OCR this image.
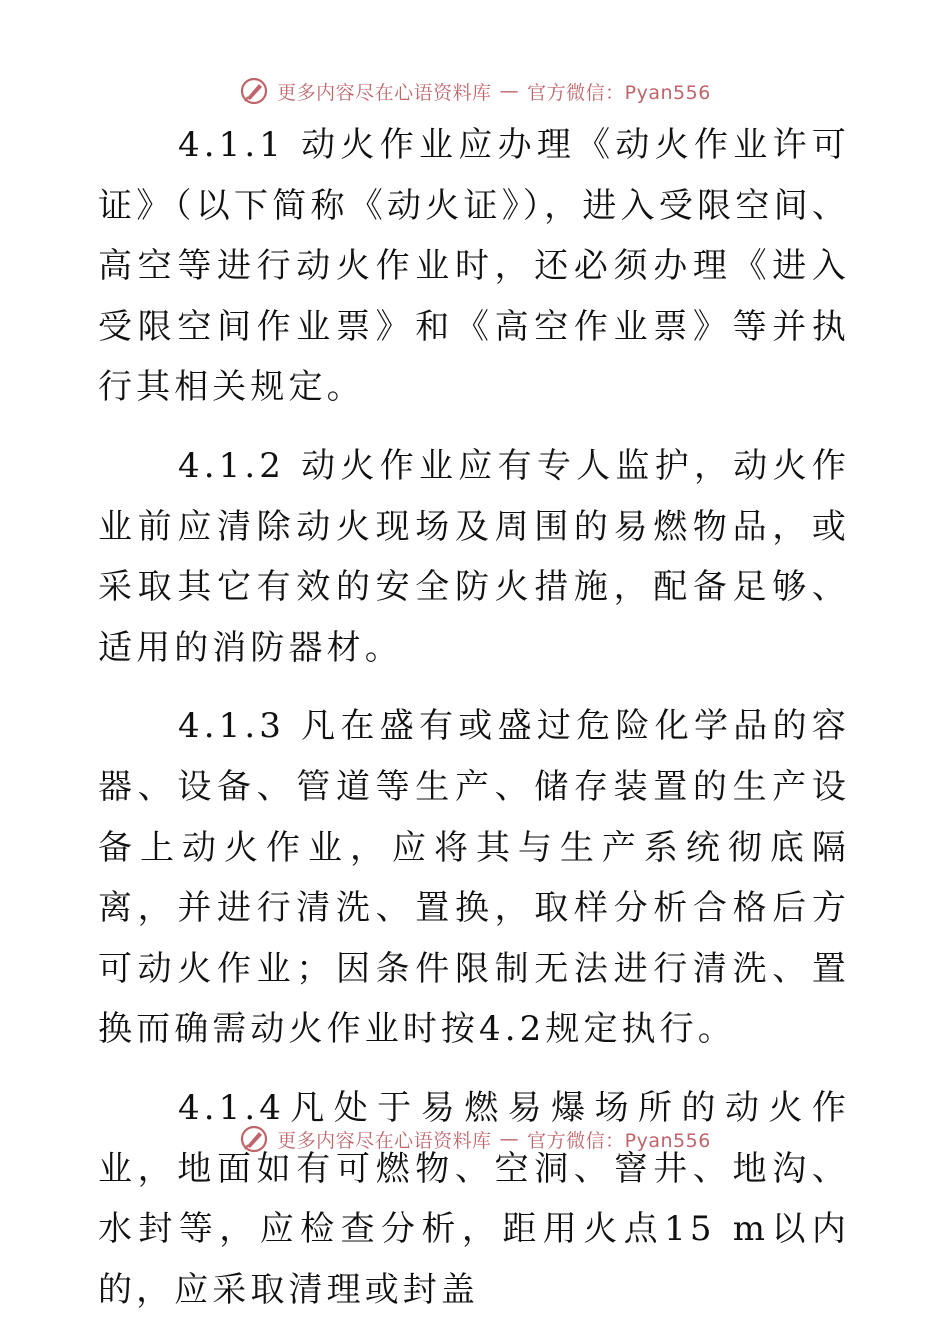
更多内容尽在心语资料库 — 官方微信：Pyan556

4.1.1 动火作业应办理《动火作业许可证》（以下简称《动火证》），进入受限空间、高空等进行动火作业时，还必须办理《进入受限空间作业票》和《高空作业票》等并执行其相关规定。

4.1.2 动火作业应有专人监护，动火作业前应清除动火现场及周围的易燃物品，或采取其它有效的安全防火措施，配备足够、适用的消防器材。

4.1.3 凡在盛有或盛过危险化学品的容器、设备、管道等生产、储存装置的生产设备上动火作业，应将其与生产系统彻底隔离，并进行清洗、置换，取样分析合格后方可动火作业；因条件限制无法进行清洗、置换而确需动火作业时按4.2规定执行。

4.1.4凡处于易燃易爆场所的动火作业，地面如有可燃物、空洞、窨井、地沟、水封等，应检查分析，距用火点15 m以内的，应采取清理或封盖

更多内容尽在心语资料库 — 官方微信：Pyan556
